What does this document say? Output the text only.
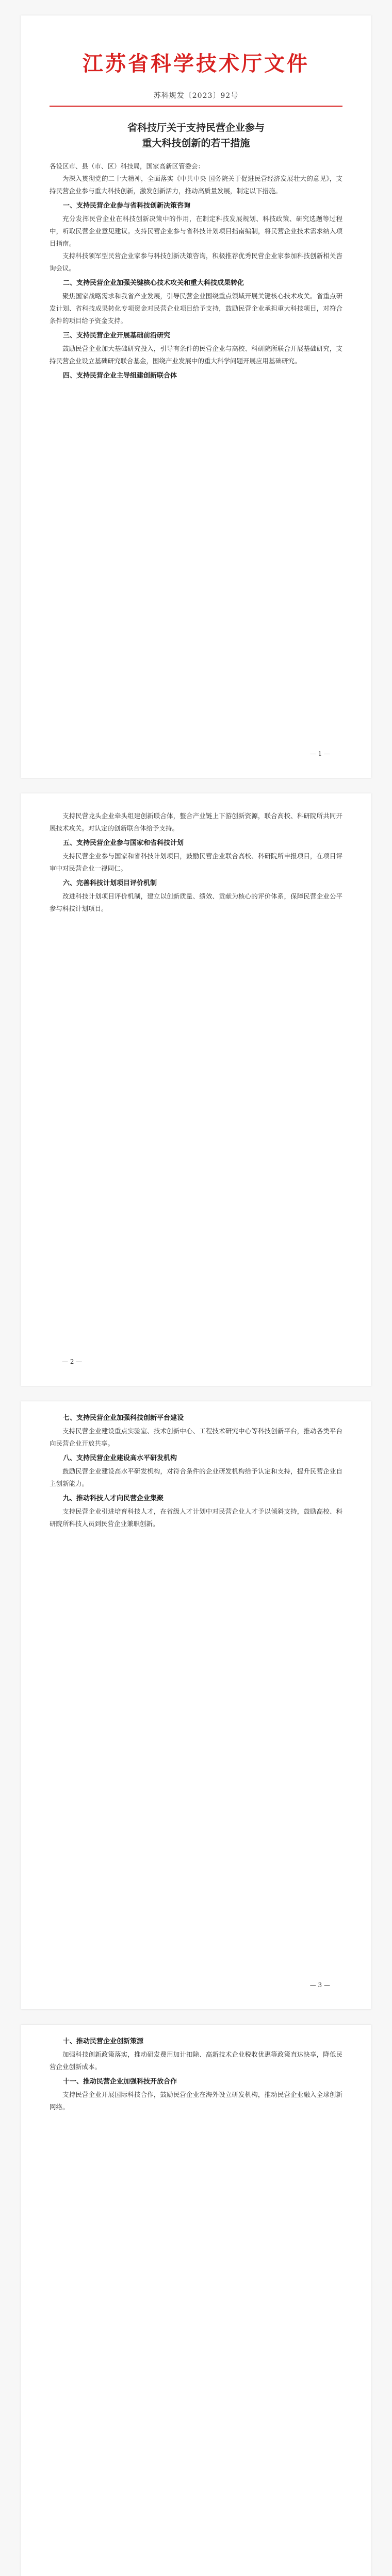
江苏省科学技术厅文件
苏科规发〔2023〕92号
省科技厅关于支持民营企业参与
重大科技创新的若干措施

各设区市、县（市、区）科技局，国家高新区管委会：

为深入贯彻党的二十大精神，全面落实《中共中央 国务院关于促进民营经济发展壮大的意见》，支持民营企业参与重大科技创新，激发创新活力，推动高质量发展，制定以下措施。

一、支持民营企业参与省科技创新决策咨询

充分发挥民营企业在科技创新决策中的作用，在制定科技发展规划、科技政策、研究选题等过程中，听取民营企业意见建议。支持民营企业参与省科技计划项目指南编制，将民营企业技术需求纳入项目指南。

支持科技领军型民营企业家参与科技创新决策咨询，积极推荐优秀民营企业家参加科技创新相关咨询会议。

二、支持民营企业加强关键核心技术攻关和重大科技成果转化

聚焦国家战略需求和我省产业发展，引导民营企业围绕重点领域开展关键核心技术攻关。省重点研发计划、省科技成果转化专项资金对民营企业项目给予支持，鼓励民营企业承担重大科技项目，对符合条件的项目给予资金支持。

三、支持民营企业开展基础前沿研究

鼓励民营企业加大基础研究投入，引导有条件的民营企业与高校、科研院所联合开展基础研究，支持民营企业设立基础研究联合基金，围绕产业发展中的重大科学问题开展应用基础研究。

四、支持民营企业主导组建创新联合体

— 1 —

支持民营龙头企业牵头组建创新联合体，整合产业链上下游创新资源，联合高校、科研院所共同开展技术攻关。对认定的创新联合体给予支持。

五、支持民营企业参与国家和省科技计划

支持民营企业参与国家和省科技计划项目，鼓励民营企业联合高校、科研院所申报项目，在项目评审中对民营企业一视同仁。

六、完善科技计划项目评价机制

改进科技计划项目评价机制，建立以创新质量、绩效、贡献为核心的评价体系，保障民营企业公平参与科技计划项目。

— 2 —

七、支持民营企业加强科技创新平台建设

支持民营企业建设重点实验室、技术创新中心、工程技术研究中心等科技创新平台，推动各类平台向民营企业开放共享。

八、支持民营企业建设高水平研发机构

鼓励民营企业建设高水平研发机构，对符合条件的企业研发机构给予认定和支持，提升民营企业自主创新能力。

九、推动科技人才向民营企业集聚

支持民营企业引进培育科技人才，在省级人才计划中对民营企业人才予以倾斜支持，鼓励高校、科研院所科技人员到民营企业兼职创新。

— 3 —

十、推动民营企业创新策源

加强科技创新政策落实，推动研发费用加计扣除、高新技术企业税收优惠等政策直达快享，降低民营企业创新成本。

十一、推动民营企业加强科技开放合作

支持民营企业开展国际科技合作，鼓励民营企业在海外设立研发机构，推动民营企业融入全球创新网络。
